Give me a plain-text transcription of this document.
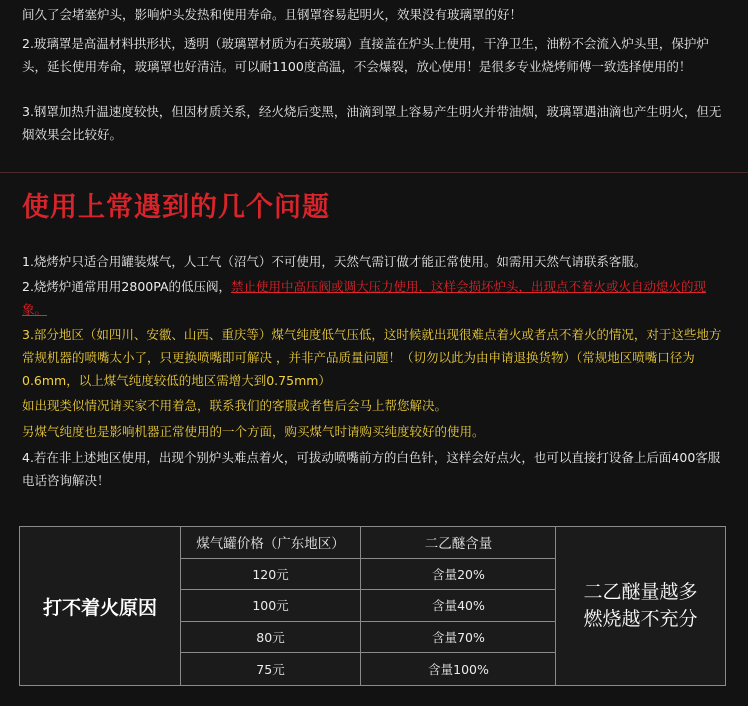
间久了会堵塞炉头，影响炉头发热和使用寿命。且钢罩容易起明火，效果没有玻璃罩的好！

2.玻璃罩是高温材料拱形状，透明（玻璃罩材质为石英玻璃）直接盖在炉头上使用，干净卫生，油粉不会流入炉头里，保护炉头，延长使用寿命，玻璃罩也好清洁。可以耐1100度高温，不会爆裂，放心使用！是很多专业烧烤师傅一致选择使用的！

3.钢罩加热升温速度较快，但因材质关系，经火烧后变黑，油滴到罩上容易产生明火并带油烟，玻璃罩遇油滴也产生明火，但无烟效果会比较好。

使用上常遇到的几个问题

1.烧烤炉只适合用罐装煤气，人工气（沼气）不可使用，天然气需订做才能正常使用。如需用天然气请联系客服。

2.烧烤炉通常用用2800PA的低压阀，禁止使用中高压阀或调大压力使用，这样会损坏炉头，出现点不着火或火自动熄火的现象。

3.部分地区（如四川、安徽、山西、重庆等）煤气纯度低气压低，这时候就出现很难点着火或者点不着火的情况，对于这些地方常规机器的喷嘴太小了，只更换喷嘴即可解决 ，并非产品质量问题！（切勿以此为由申请退换货物）（常规地区喷嘴口径为0.6mm，以上煤气纯度较低的地区需增大到0.75mm）

如出现类似情况请买家不用着急，联系我们的客服或者售后会马上帮您解决。

另煤气纯度也是影响机器正常使用的一个方面，购买煤气时请购买纯度较好的使用。

4.若在非上述地区使用，出现个别炉头难点着火，可拔动喷嘴前方的白色针，这样会好点火，也可以直接打设备上后面400客服电话咨询解决！

打不着火原因
煤气罐价格（广东地区）	二乙醚含量
120元	含量20%
100元	含量40%
80元	含量70%
75元	含量100%
二乙醚量越多
燃烧越不充分
